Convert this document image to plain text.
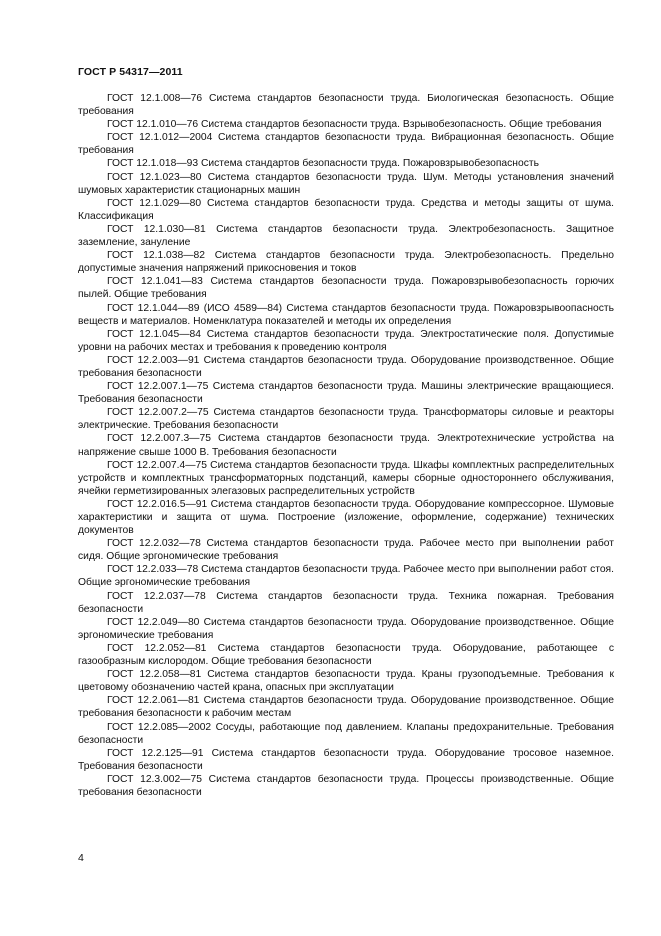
ГОСТ Р 54317—2011

ГОСТ 12.1.008—76 Система стандартов безопасности труда. Биологическая безопасность. Общие требования

ГОСТ 12.1.010—76 Система стандартов безопасности труда. Взрывобезопасность. Общие требования

ГОСТ 12.1.012—2004 Система стандартов безопасности труда. Вибрационная безопасность. Общие требования

ГОСТ 12.1.018—93 Система стандартов безопасности труда. Пожаровзрывобезопасность

ГОСТ 12.1.023—80 Система стандартов безопасности труда. Шум. Методы установления значений шумовых характеристик стационарных машин

ГОСТ 12.1.029—80 Система стандартов безопасности труда. Средства и методы защиты от шума. Классификация

ГОСТ 12.1.030—81 Система стандартов безопасности труда. Электробезопасность. Защитное заземление, зануление

ГОСТ 12.1.038—82 Система стандартов безопасности труда. Электробезопасность. Предельно допустимые значения напряжений прикосновения и токов

ГОСТ 12.1.041—83 Система стандартов безопасности труда. Пожаровзрывобезопасность горючих пылей. Общие требования

ГОСТ 12.1.044—89 (ИСО 4589—84) Система стандартов безопасности труда. Пожаровзрывоопасность веществ и материалов. Номенклатура показателей и методы их определения

ГОСТ 12.1.045—84 Система стандартов безопасности труда. Электростатические поля. Допустимые уровни на рабочих местах и требования к проведению контроля

ГОСТ 12.2.003—91 Система стандартов безопасности труда. Оборудование производственное. Общие требования безопасности

ГОСТ 12.2.007.1—75 Система стандартов безопасности труда. Машины электрические вращающиеся. Требования безопасности

ГОСТ 12.2.007.2—75 Система стандартов безопасности труда. Трансформаторы силовые и реакторы электрические. Требования безопасности

ГОСТ 12.2.007.3—75 Система стандартов безопасности труда. Электротехнические устройства на напряжение свыше 1000 В. Требования безопасности

ГОСТ 12.2.007.4—75 Система стандартов безопасности труда. Шкафы комплектных распределительных устройств и комплектных трансформаторных подстанций, камеры сборные одностороннего обслуживания, ячейки герметизированных элегазовых распределительных устройств

ГОСТ 12.2.016.5—91 Система стандартов безопасности труда. Оборудование компрессорное. Шумовые характеристики и защита от шума. Построение (изложение, оформление, содержание) технических документов

ГОСТ 12.2.032—78 Система стандартов безопасности труда. Рабочее место при выполнении работ сидя. Общие эргономические требования

ГОСТ 12.2.033—78 Система стандартов безопасности труда. Рабочее место при выполнении работ стоя. Общие эргономические требования

ГОСТ 12.2.037—78 Система стандартов безопасности труда. Техника пожарная. Требования безопасности

ГОСТ 12.2.049—80 Система стандартов безопасности труда. Оборудование производственное. Общие эргономические требования

ГОСТ 12.2.052—81 Система стандартов безопасности труда. Оборудование, работающее с газообразным кислородом. Общие требования безопасности

ГОСТ 12.2.058—81 Система стандартов безопасности труда. Краны грузоподъемные. Требования к цветовому обозначению частей крана, опасных при эксплуатации

ГОСТ 12.2.061—81 Система стандартов безопасности труда. Оборудование производственное. Общие требования безопасности к рабочим местам

ГОСТ 12.2.085—2002 Сосуды, работающие под давлением. Клапаны предохранительные. Требования безопасности

ГОСТ 12.2.125—91 Система стандартов безопасности труда. Оборудование тросовое наземное. Требования безопасности

ГОСТ 12.3.002—75 Система стандартов безопасности труда. Процессы производственные. Общие требования безопасности

4
